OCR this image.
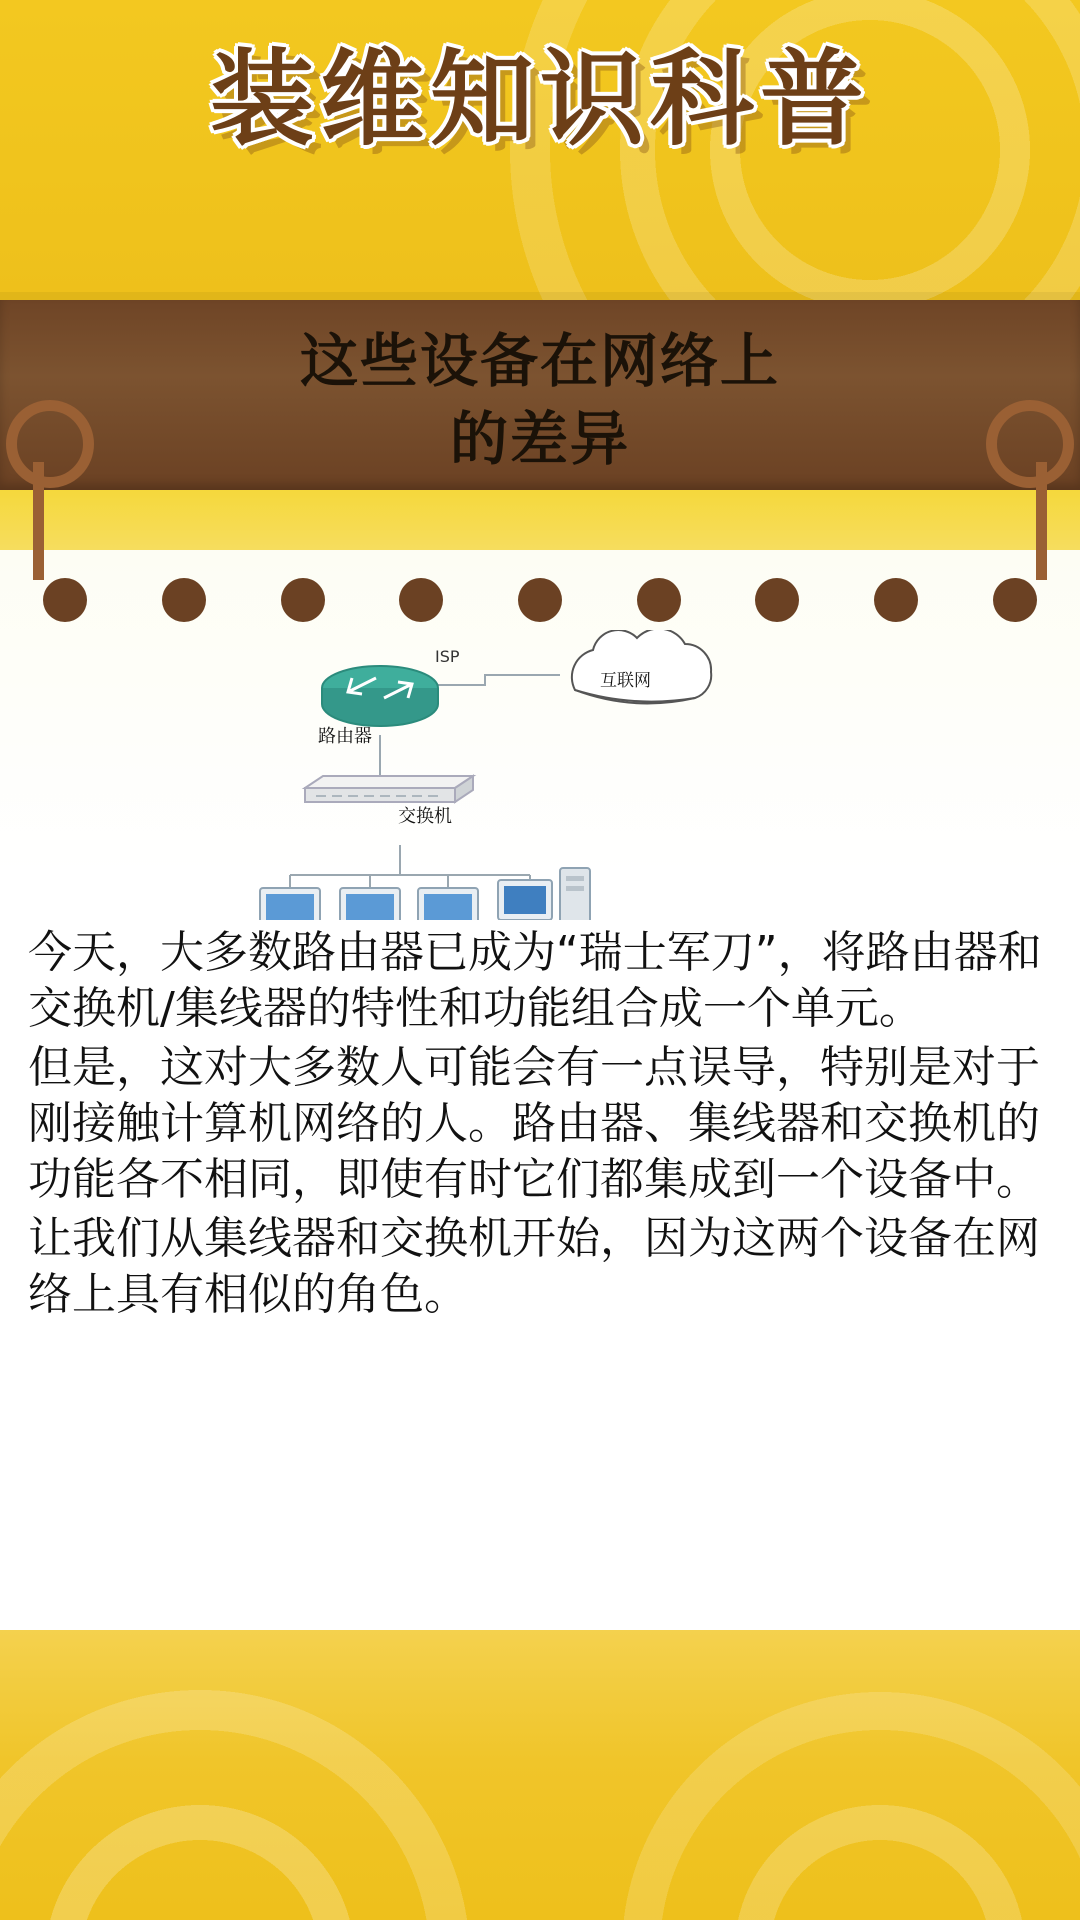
装维知识科普
这些设备在网络上
的差异
ISP
互联网
路由器
交换机

今天，大多数路由器已成为“瑞士军刀”，将路由器和交换机/集线器的特性和功能组合成一个单元。

但是，这对大多数人可能会有一点误导，特别是对于刚接触计算机网络的人。路由器、集线器和交换机的功能各不相同，即使有时它们都集成到一个设备中。

让我们从集线器和交换机开始，因为这两个设备在网络上具有相似的角色。
